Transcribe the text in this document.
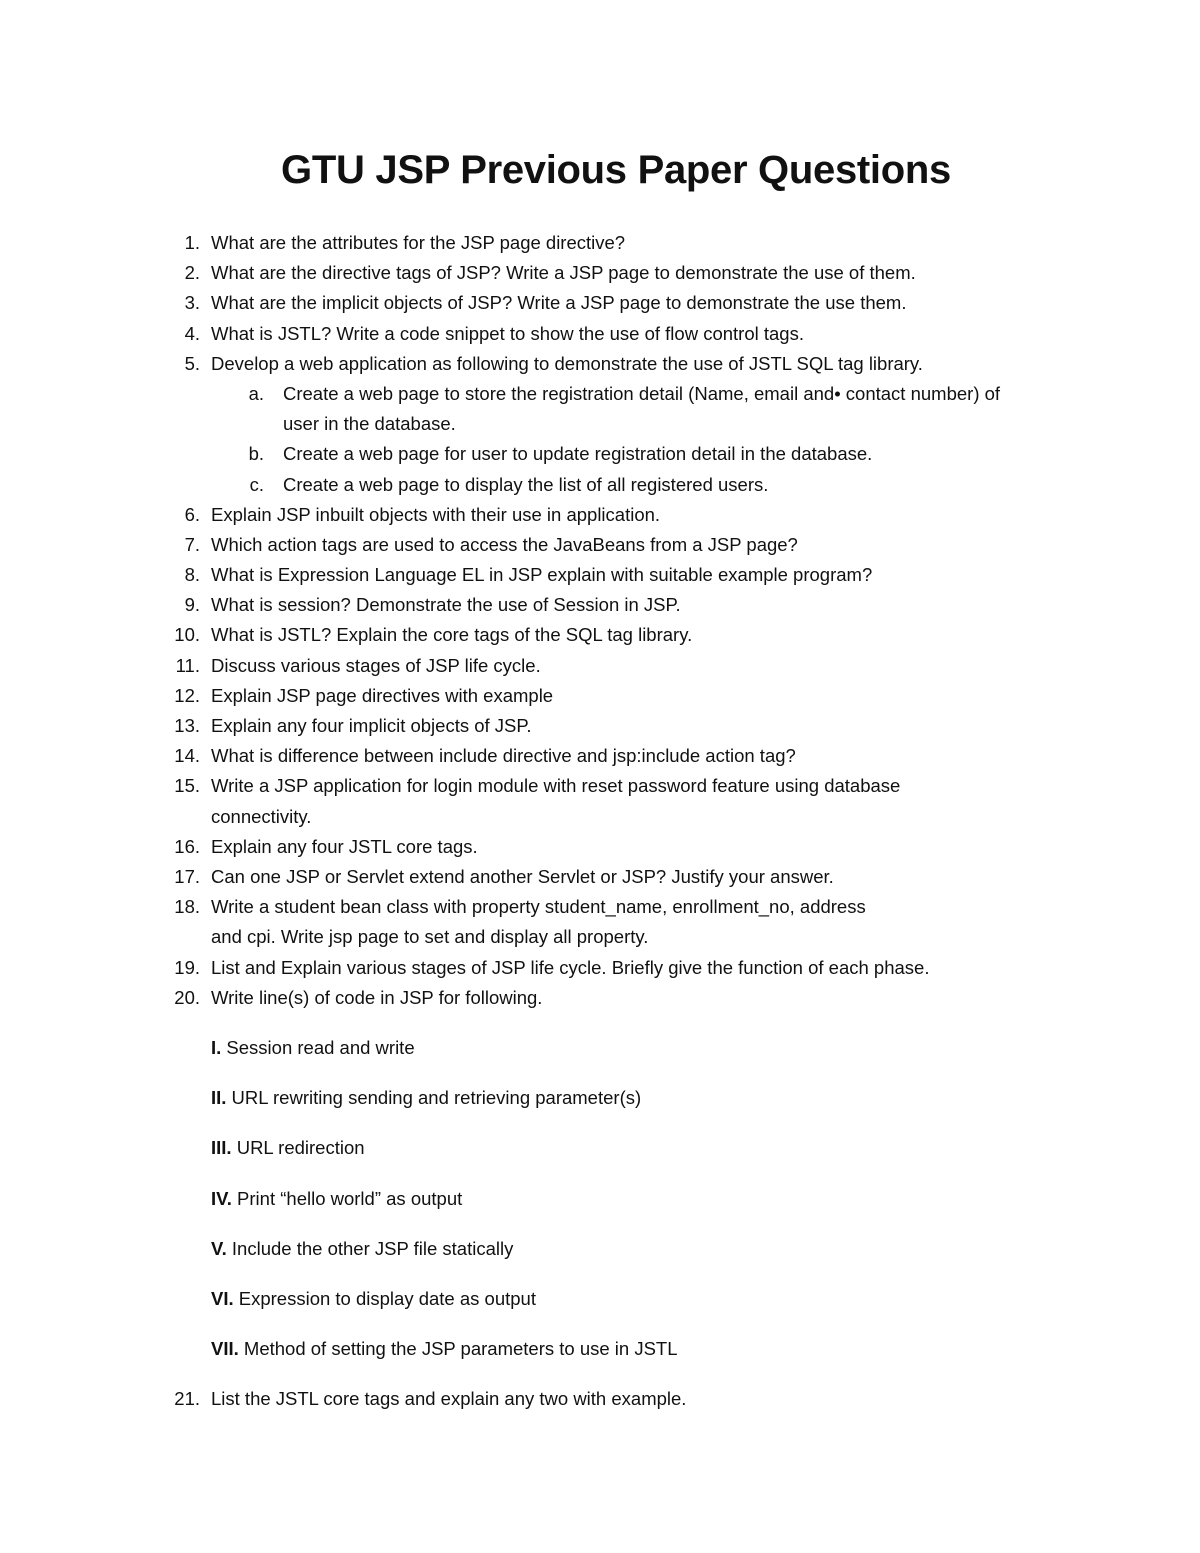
GTU JSP Previous Paper Questions
1. What are the attributes for the JSP page directive?
2. What are the directive tags of JSP? Write a JSP page to demonstrate the use of them.
3. What are the implicit objects of JSP? Write a JSP page to demonstrate the use them.
4. What is JSTL? Write a code snippet to show the use of flow control tags.
5. Develop a web application as following to demonstrate the use of JSTL SQL tag library.
a. Create a web page to store the registration detail (Name, email and• contact number) of
user in the database.
b. Create a web page for user to update registration detail in the database.
c. Create a web page to display the list of all registered users.
6. Explain JSP inbuilt objects with their use in application.
7. Which action tags are used to access the JavaBeans from a JSP page?
8. What is Expression Language EL in JSP explain with suitable example program?
9. What is session? Demonstrate the use of Session in JSP.
10. What is JSTL? Explain the core tags of the SQL tag library.
11. Discuss various stages of JSP life cycle.
12. Explain JSP page directives with example
13. Explain any four implicit objects of JSP.
14. What is difference between include directive and jsp:include action tag?
15. Write a JSP application for login module with reset password feature using database
connectivity.
16. Explain any four JSTL core tags.
17. Can one JSP or Servlet extend another Servlet or JSP? Justify your answer.
18. Write a student bean class with property student_name, enrollment_no, address
and cpi. Write jsp page to set and display all property.
19. List and Explain various stages of JSP life cycle. Briefly give the function of each phase.
20. Write line(s) of code in JSP for following.
I. Session read and write
II. URL rewriting sending and retrieving parameter(s)
III. URL redirection
IV. Print “hello world” as output
V. Include the other JSP file statically
VI. Expression to display date as output
VII. Method of setting the JSP parameters to use in JSTL
21. List the JSTL core tags and explain any two with example.
